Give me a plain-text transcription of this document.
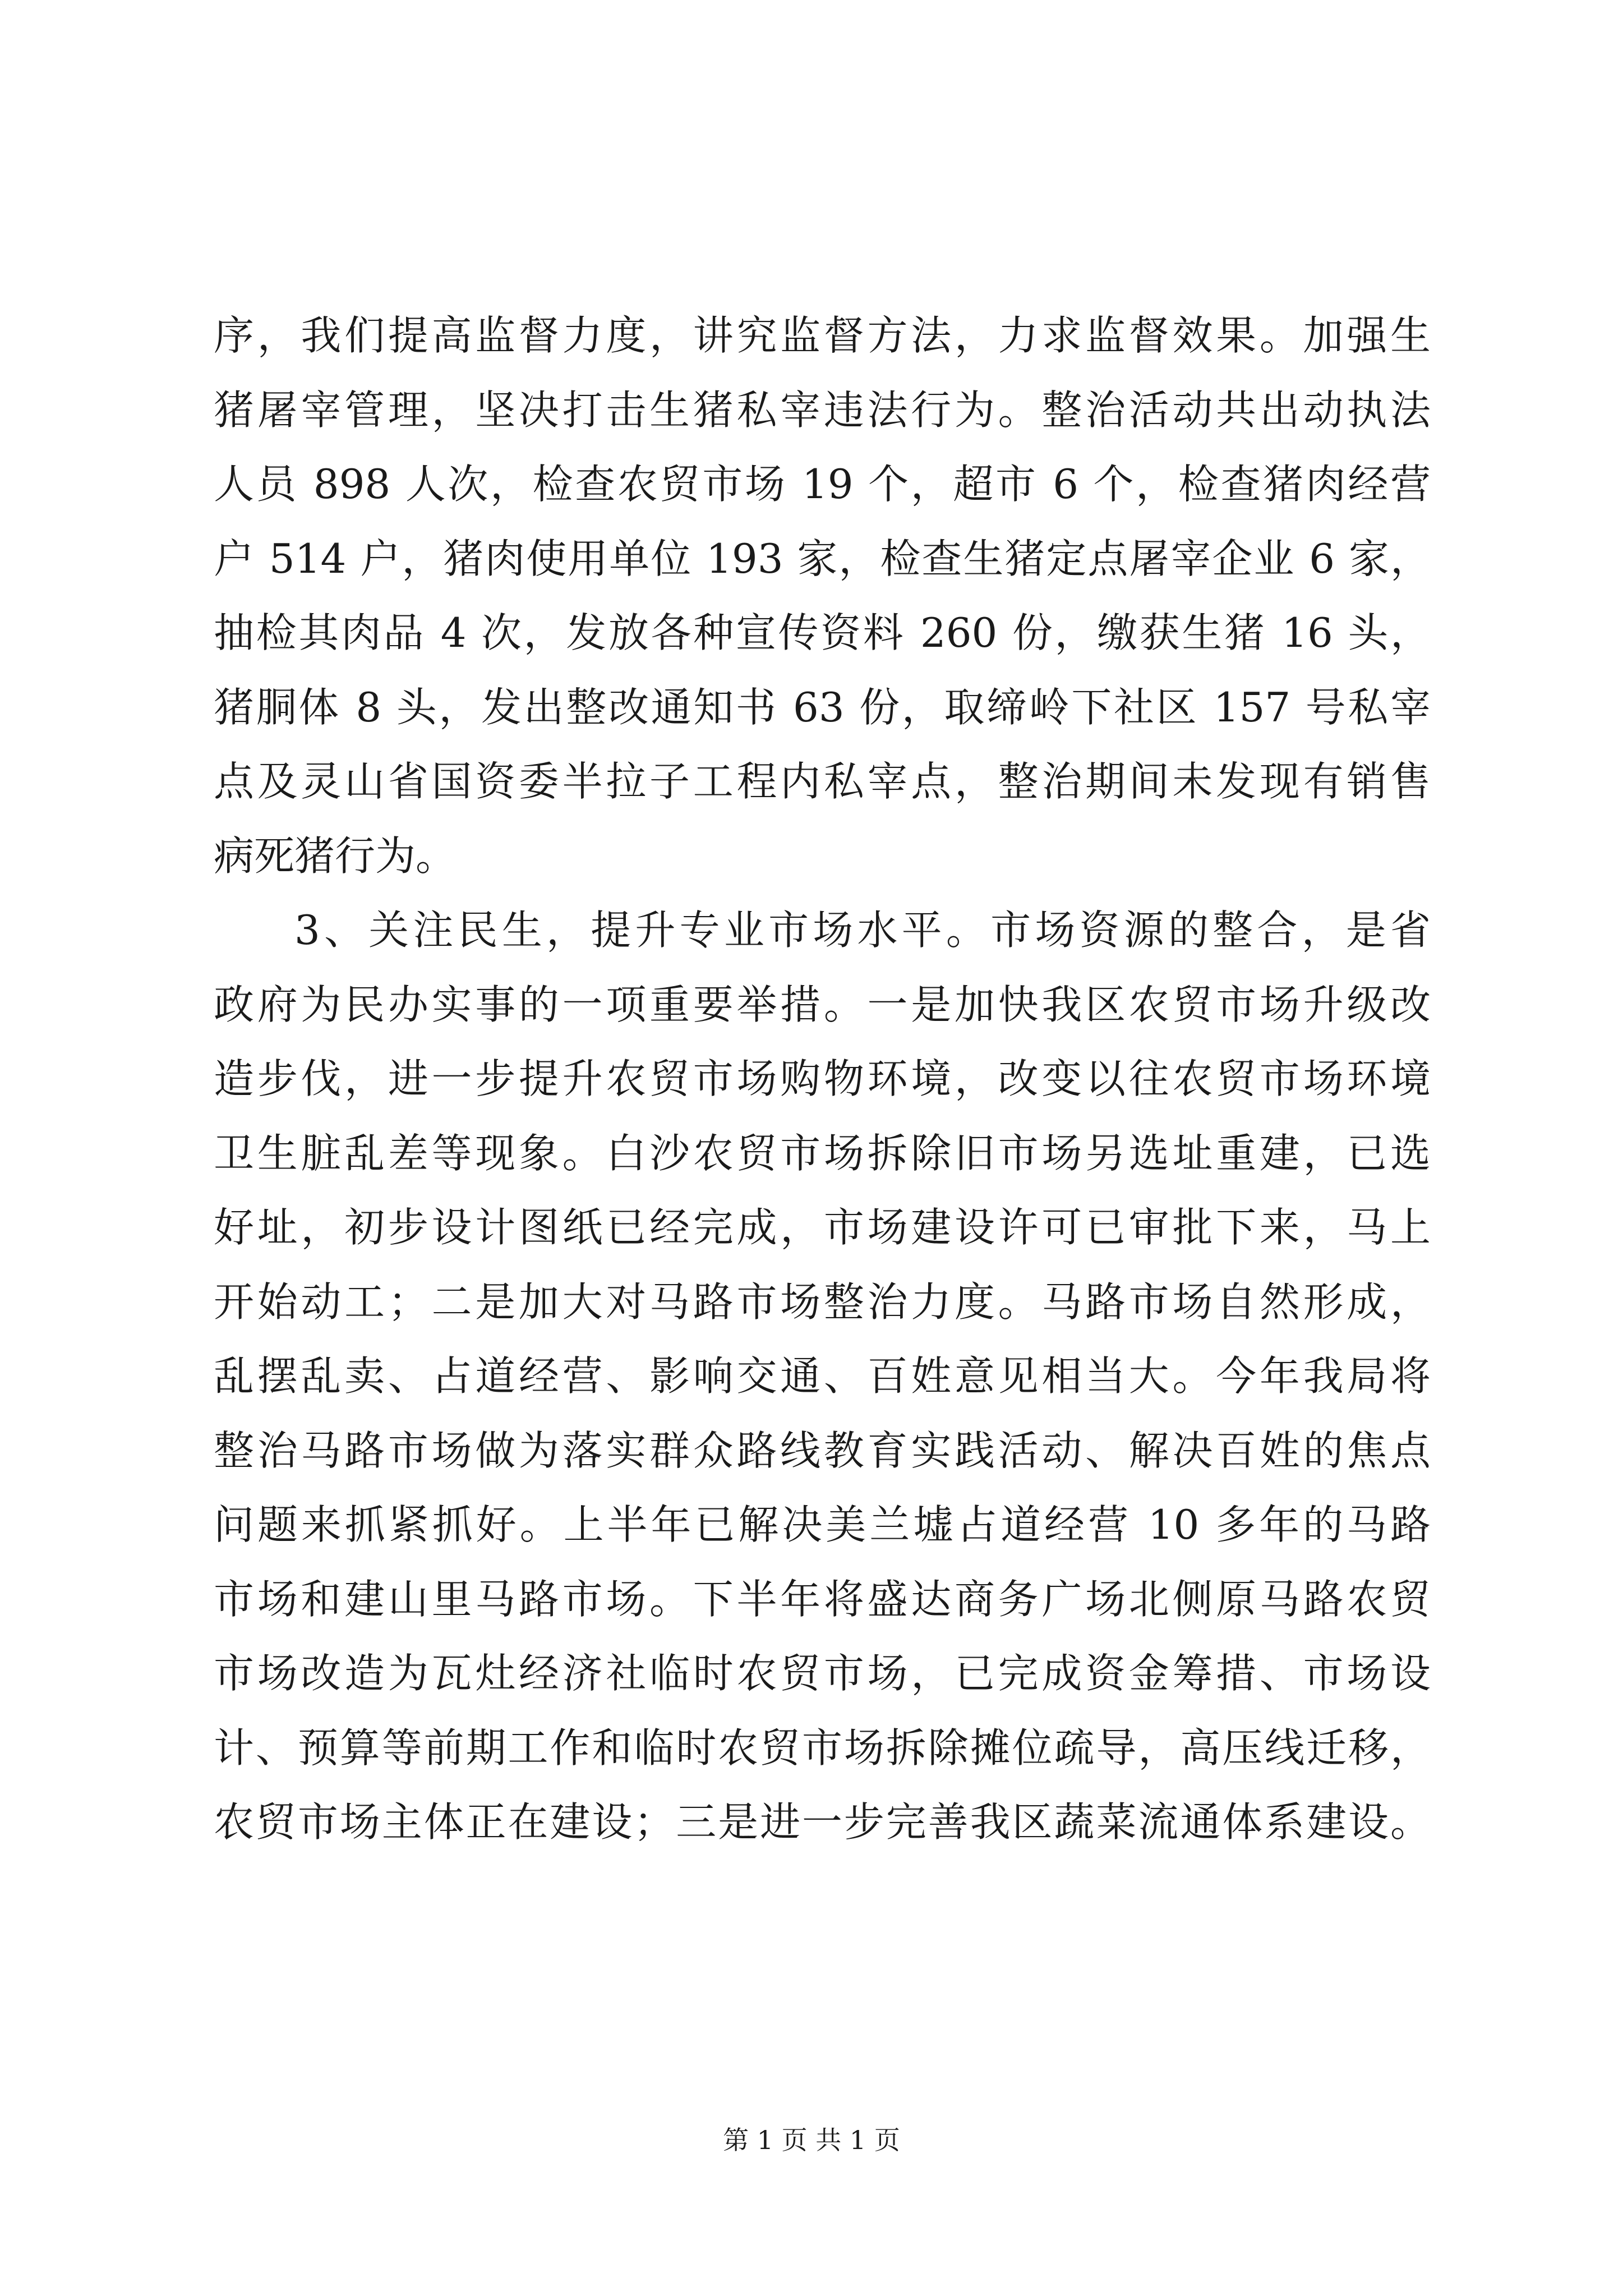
序，我们提高监督力度，讲究监督方法，力求监督效果。加强生
猪屠宰管理，坚决打击生猪私宰违法行为。整治活动共出动执法
人员 898 人次，检查农贸市场 19 个，超市 6 个，检查猪肉经营
户 514 户，猪肉使用单位 193 家，检查生猪定点屠宰企业 6 家，
抽检其肉品 4 次，发放各种宣传资料 260 份，缴获生猪 16 头，
猪胴体 8 头，发出整改通知书 63 份，取缔岭下社区 157 号私宰
点及灵山省国资委半拉子工程内私宰点，整治期间未发现有销售
病死猪行为。
3、关注民生，提升专业市场水平。市场资源的整合，是省
政府为民办实事的一项重要举措。一是加快我区农贸市场升级改
造步伐，进一步提升农贸市场购物环境，改变以往农贸市场环境
卫生脏乱差等现象。白沙农贸市场拆除旧市场另选址重建，已选
好址，初步设计图纸已经完成，市场建设许可已审批下来，马上
开始动工；二是加大对马路市场整治力度。马路市场自然形成，
乱摆乱卖、占道经营、影响交通、百姓意见相当大。今年我局将
整治马路市场做为落实群众路线教育实践活动、解决百姓的焦点
问题来抓紧抓好。上半年已解决美兰墟占道经营 10 多年的马路
市场和建山里马路市场。下半年将盛达商务广场北侧原马路农贸
市场改造为瓦灶经济社临时农贸市场，已完成资金筹措、市场设
计、预算等前期工作和临时农贸市场拆除摊位疏导，高压线迁移，
农贸市场主体正在建设；三是进一步完善我区蔬菜流通体系建设。
第 1 页 共 1 页
